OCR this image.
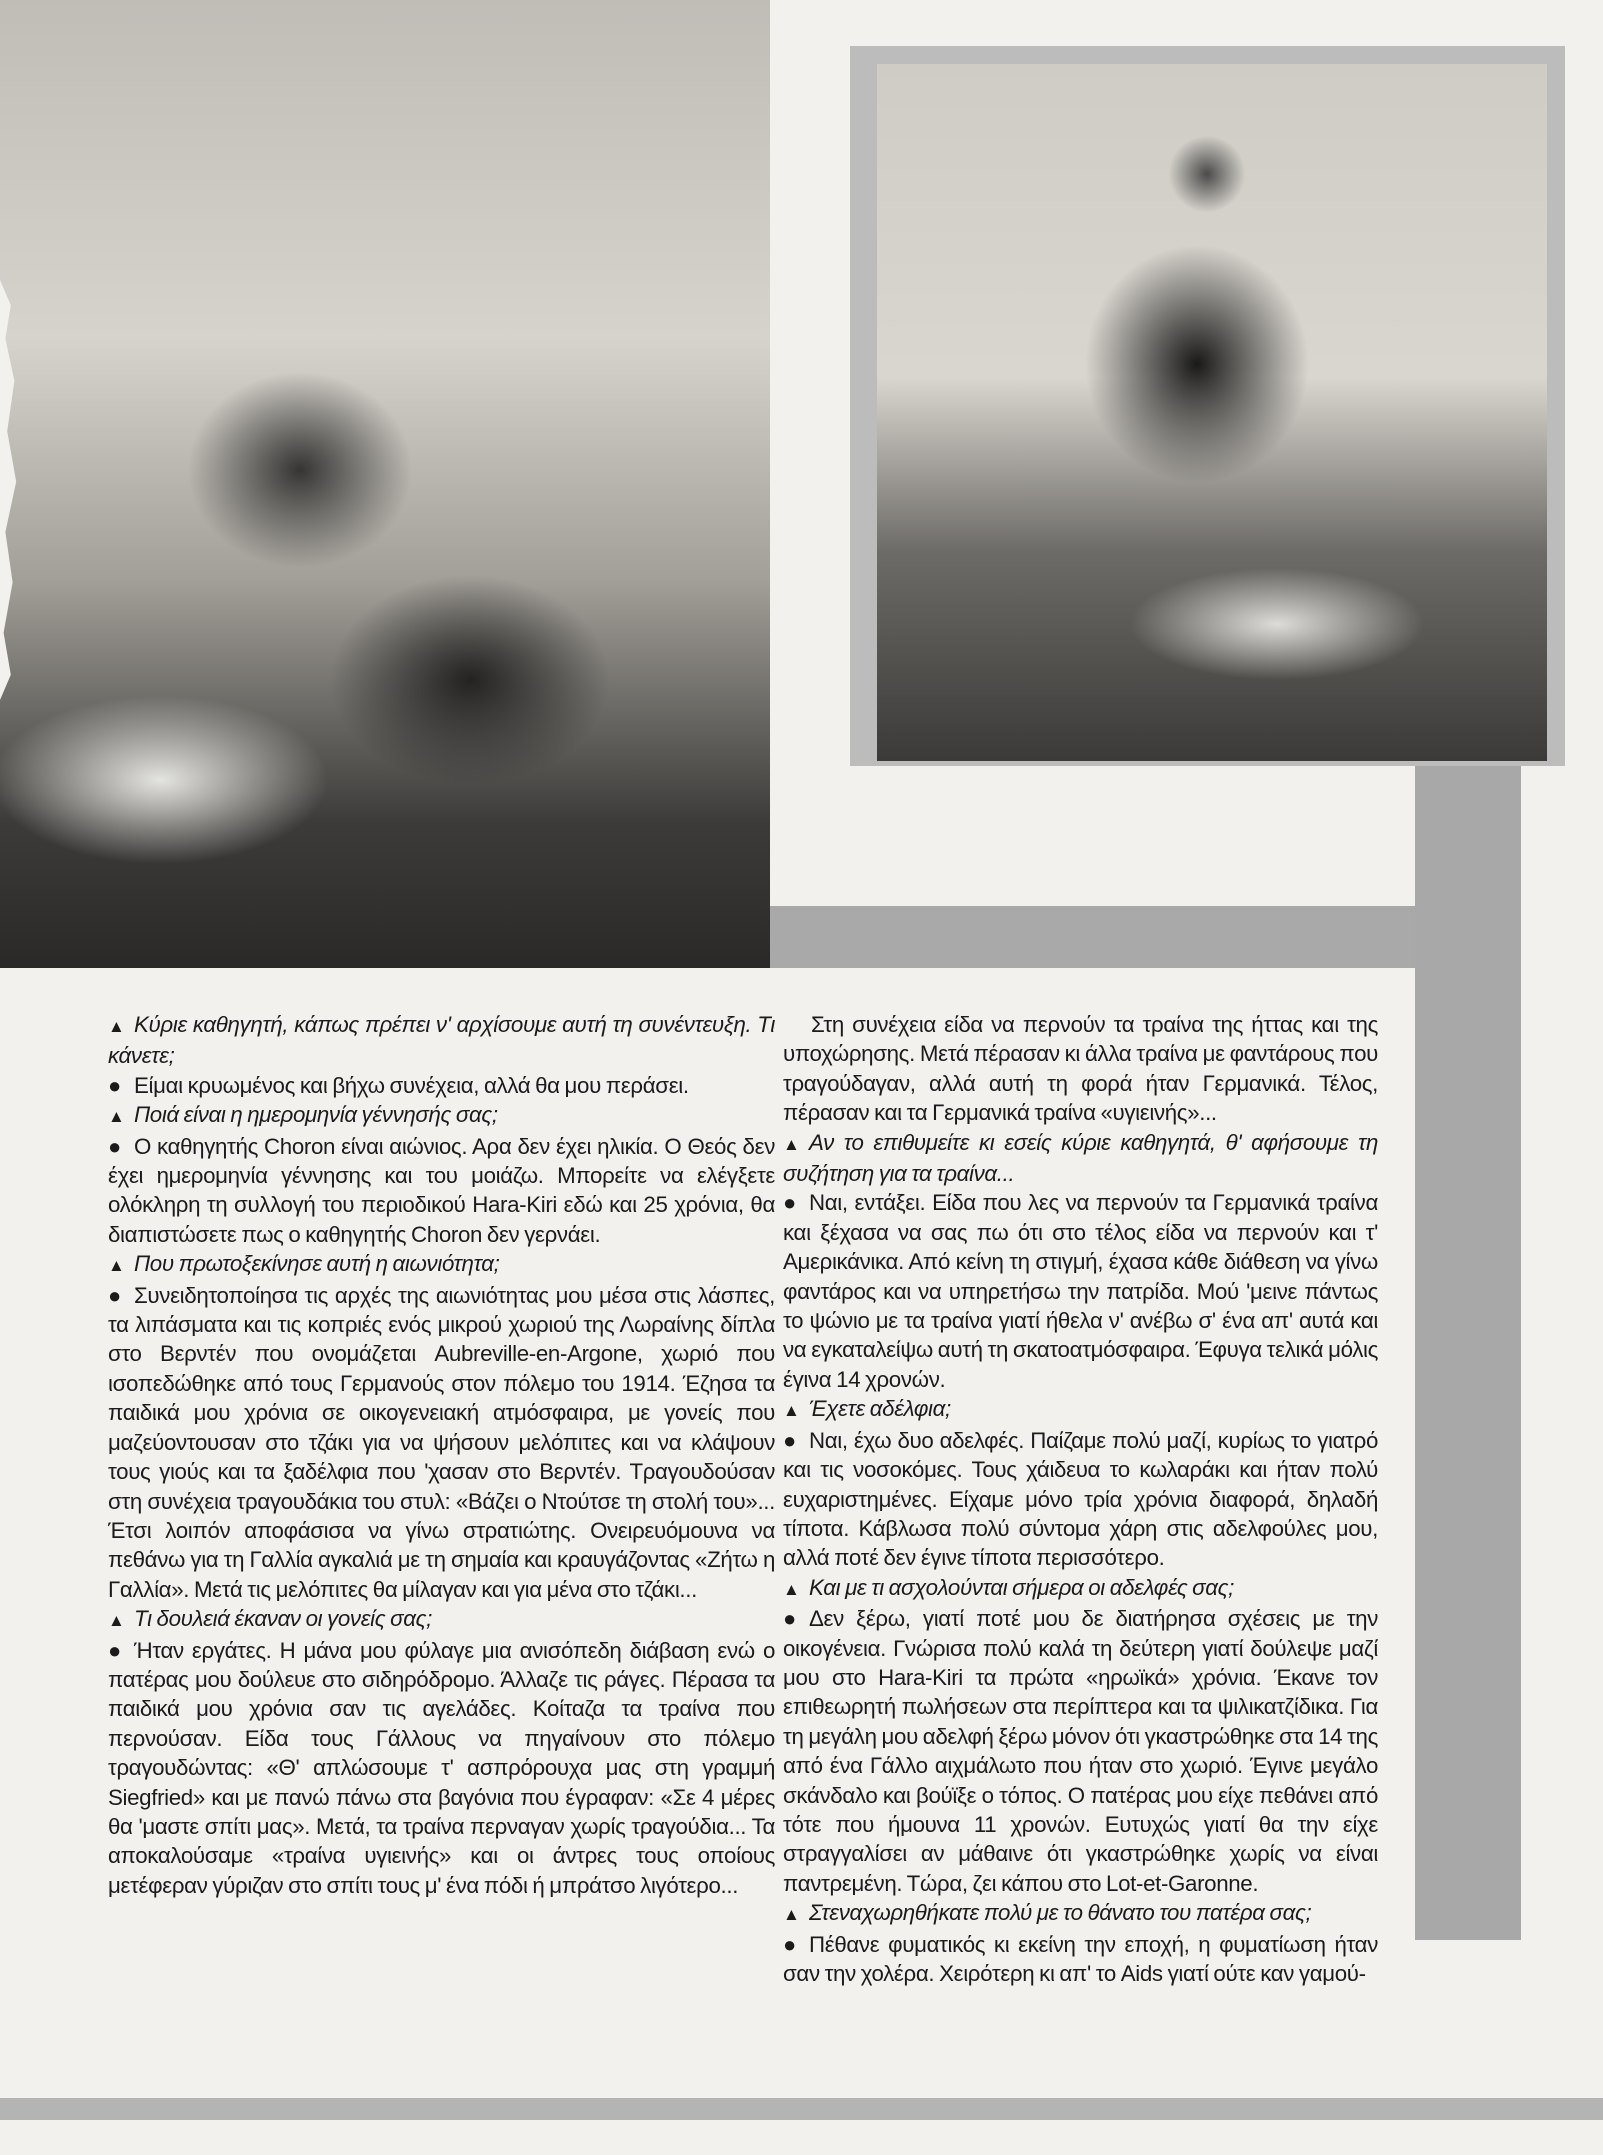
▲ Κύριε καθηγητή, κάπως πρέπει ν' αρχίσουμε αυτή τη συνέντευξη. Τι κάνετε;

● Είμαι κρυωμένος και βήχω συνέχεια, αλλά θα μου περάσει.

▲ Ποιά είναι η ημερομηνία γέννησής σας;

● Ο καθηγητής Choron είναι αιώνιος. Αρα δεν έχει ηλικία. Ο Θεός δεν έχει ημερομηνία γέννησης και του μοιάζω. Μπορείτε να ελέγξετε ολόκληρη τη συλλογή του περιοδικού Hara-Kiri εδώ και 25 χρόνια, θα διαπιστώσετε πως ο καθηγητής Choron δεν γερνάει.

▲ Που πρωτοξεκίνησε αυτή η αιωνιότητα;

● Συνειδητοποίησα τις αρχές της αιωνιότητας μου μέσα στις λάσπες, τα λιπάσματα και τις κοπριές ενός μικρού χωριού της Λωραίνης δίπλα στο Βερντέν που ονομάζεται Aubreville-en-Argone, χωριό που ισοπεδώθηκε από τους Γερμανούς στον πόλεμο του 1914. Έζησα τα παιδικά μου χρόνια σε οικογενειακή ατμόσφαιρα, με γονείς που μαζεύοντουσαν στο τζάκι για να ψήσουν μελόπιτες και να κλάψουν τους γιούς και τα ξαδέλφια που 'χασαν στο Βερντέν. Τραγουδούσαν στη συνέχεια τραγουδάκια του στυλ: «Βάζει ο Ντούτσε τη στολή του»... Έτσι λοιπόν αποφάσισα να γίνω στρατιώτης. Ονειρευόμουνα να πεθάνω για τη Γαλλία αγκαλιά με τη σημαία και κραυγάζοντας «Ζήτω η Γαλλία». Μετά τις μελόπιτες θα μίλαγαν και για μένα στο τζάκι...

▲ Τι δουλειά έκαναν οι γονείς σας;

● Ήταν εργάτες. Η μάνα μου φύλαγε μια ανισόπεδη διάβαση ενώ ο πατέρας μου δούλευε στο σιδηρόδρομο. Άλλαζε τις ράγες. Πέρασα τα παιδικά μου χρόνια σαν τις αγελάδες. Κοίταζα τα τραίνα που περνούσαν. Είδα τους Γάλλους να πηγαίνουν στο πόλεμο τραγουδώντας: «Θ' απλώσουμε τ' ασπρόρουχα μας στη γραμμή Siegfried» και με πανώ πάνω στα βαγόνια που έγραφαν: «Σε 4 μέρες θα 'μαστε σπίτι μας». Μετά, τα τραίνα περναγαν χωρίς τραγούδια... Τα αποκαλούσαμε «τραίνα υγιεινής» και οι άντρες τους οποίους μετέφεραν γύριζαν στο σπίτι τους μ' ένα πόδι ή μπράτσο λιγότερο...

Στη συνέχεια είδα να περνούν τα τραίνα της ήττας και της υποχώρησης. Μετά πέρασαν κι άλλα τραίνα με φαντάρους που τραγούδαγαν, αλλά αυτή τη φορά ήταν Γερμανικά. Τέλος, πέρασαν και τα Γερμανικά τραίνα «υγιεινής»...

▲ Αν το επιθυμείτε κι εσείς κύριε καθηγητά, θ' αφήσουμε τη συζήτηση για τα τραίνα...

● Ναι, εντάξει. Είδα που λες να περνούν τα Γερμανικά τραίνα και ξέχασα να σας πω ότι στο τέλος είδα να περνούν και τ' Αμερικάνικα. Από κείνη τη στιγμή, έχασα κάθε διάθεση να γίνω φαντάρος και να υπηρετήσω την πατρίδα. Μού 'μεινε πάντως το ψώνιο με τα τραίνα γιατί ήθελα ν' ανέβω σ' ένα απ' αυτά και να εγκαταλείψω αυτή τη σκατοατμόσφαιρα. Έφυγα τελικά μόλις έγινα 14 χρονών.

▲ Έχετε αδέλφια;

● Ναι, έχω δυο αδελφές. Παίζαμε πολύ μαζί, κυρίως το γιατρό και τις νοσοκόμες. Τους χάιδευα το κωλαράκι και ήταν πολύ ευχαριστημένες. Είχαμε μόνο τρία χρόνια διαφορά, δηλαδή τίποτα. Κάβλωσα πολύ σύντομα χάρη στις αδελφούλες μου, αλλά ποτέ δεν έγινε τίποτα περισσότερο.

▲ Και με τι ασχολούνται σήμερα οι αδελφές σας;

● Δεν ξέρω, γιατί ποτέ μου δε διατήρησα σχέσεις με την οικογένεια. Γνώρισα πολύ καλά τη δεύτερη γιατί δούλεψε μαζί μου στο Hara-Kiri τα πρώτα «ηρωϊκά» χρόνια. Έκανε τον επιθεωρητή πωλήσεων στα περίπτερα και τα ψιλικατζίδικα. Για τη μεγάλη μου αδελφή ξέρω μόνον ότι γκαστρώθηκε στα 14 της από ένα Γάλλο αιχμάλωτο που ήταν στο χωριό. Έγινε μεγάλο σκάνδαλο και βούϊξε ο τόπος. Ο πατέρας μου είχε πεθάνει από τότε που ήμουνα 11 χρονών. Ευτυχώς γιατί θα την είχε στραγγαλίσει αν μάθαινε ότι γκαστρώθηκε χωρίς να είναι παντρεμένη. Τώρα, ζει κάπου στο Lot-et-Garonne.

▲ Στεναχωρηθήκατε πολύ με το θάνατο του πατέρα σας;

● Πέθανε φυματικός κι εκείνη την εποχή, η φυματίωση ήταν σαν την χολέρα. Χειρότερη κι απ' το Aids γιατί ούτε καν γαμού-
